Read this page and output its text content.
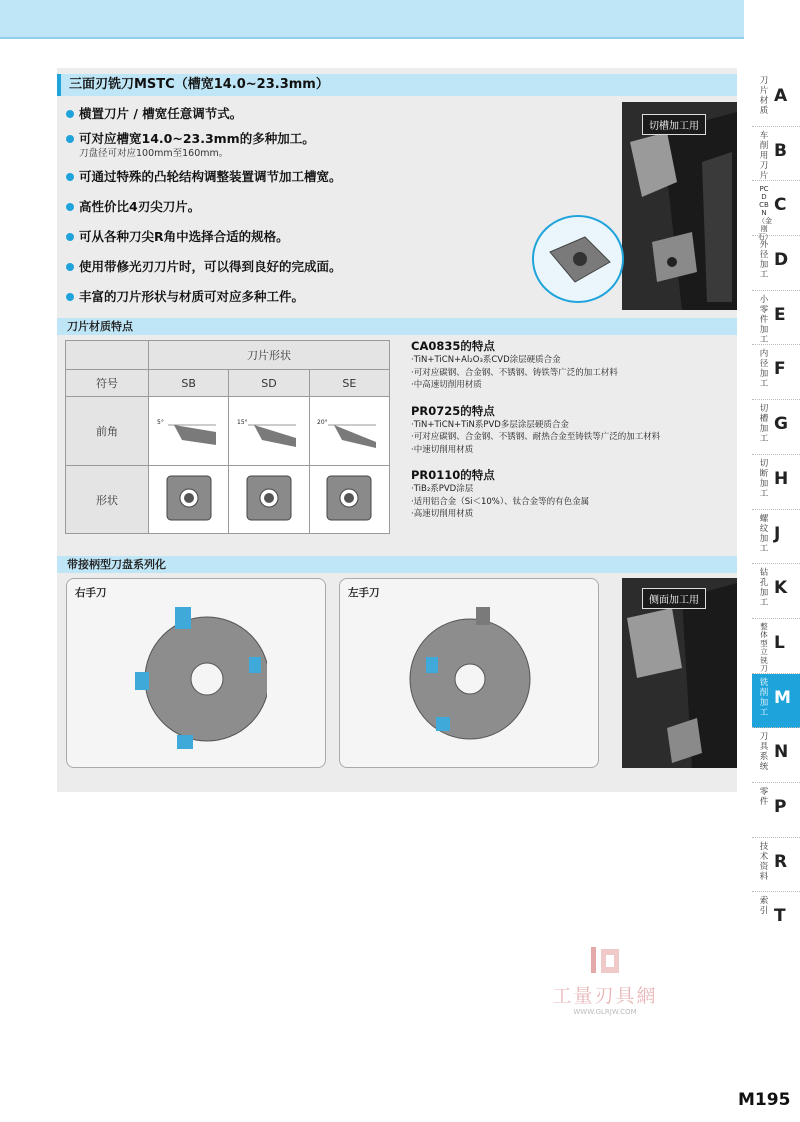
三面刃铣刀MSTC（槽宽14.0~23.3mm）
横置刀片 / 槽宽任意调节式。
可对应槽宽14.0~23.3mm的多种加工。
刀盘径可对应100mm至160mm。
可通过特殊的凸轮结构调整装置调节加工槽宽。
高性价比4刃尖刀片。
可从各种刀尖R角中选择合适的规格。
使用带修光刃刀片时，可以得到良好的完成面。
丰富的刀片形状与材质可对应多种工件。
切槽加工用
刀片材质特点
	刀片形状		
符号	SB	SD	SE
前角	5°	15°	20°

形状			
CA0835的特点
·TiN+TiCN+Al₂O₃系CVD涂层硬质合金
·可对应碳钢、合金钢、不锈钢、铸铁等广泛的加工材料
·中高速切削用材质
PR0725的特点
·TiN+TiCN+TiN系PVD多层涂层硬质合金
·可对应碳钢、合金钢、不锈钢、耐热合金至铸铁等广泛的加工材料
·中速切削用材质
PR0110的特点
·TiB₂系PVD涂层
·适用铝合金（Si＜10%）、钛合金等的有色金属
·高速切削用材质
带接柄型刀盘系列化
右手刀	左手刀
侧面加工用
刀片材质
A
车削用刀片
B
PCD CBN（金刚石）
C
外径加工
D
小零件加工
E
内径加工
F
切槽加工
G
切断加工
H
螺纹加工
J
钻孔加工
K
整体型立铣刀
L
铣削加工
M
刀具系统
N
零件 P
技术资料
R
索引 T
工量刃具網
WWW.GLRJW.COM
M195
